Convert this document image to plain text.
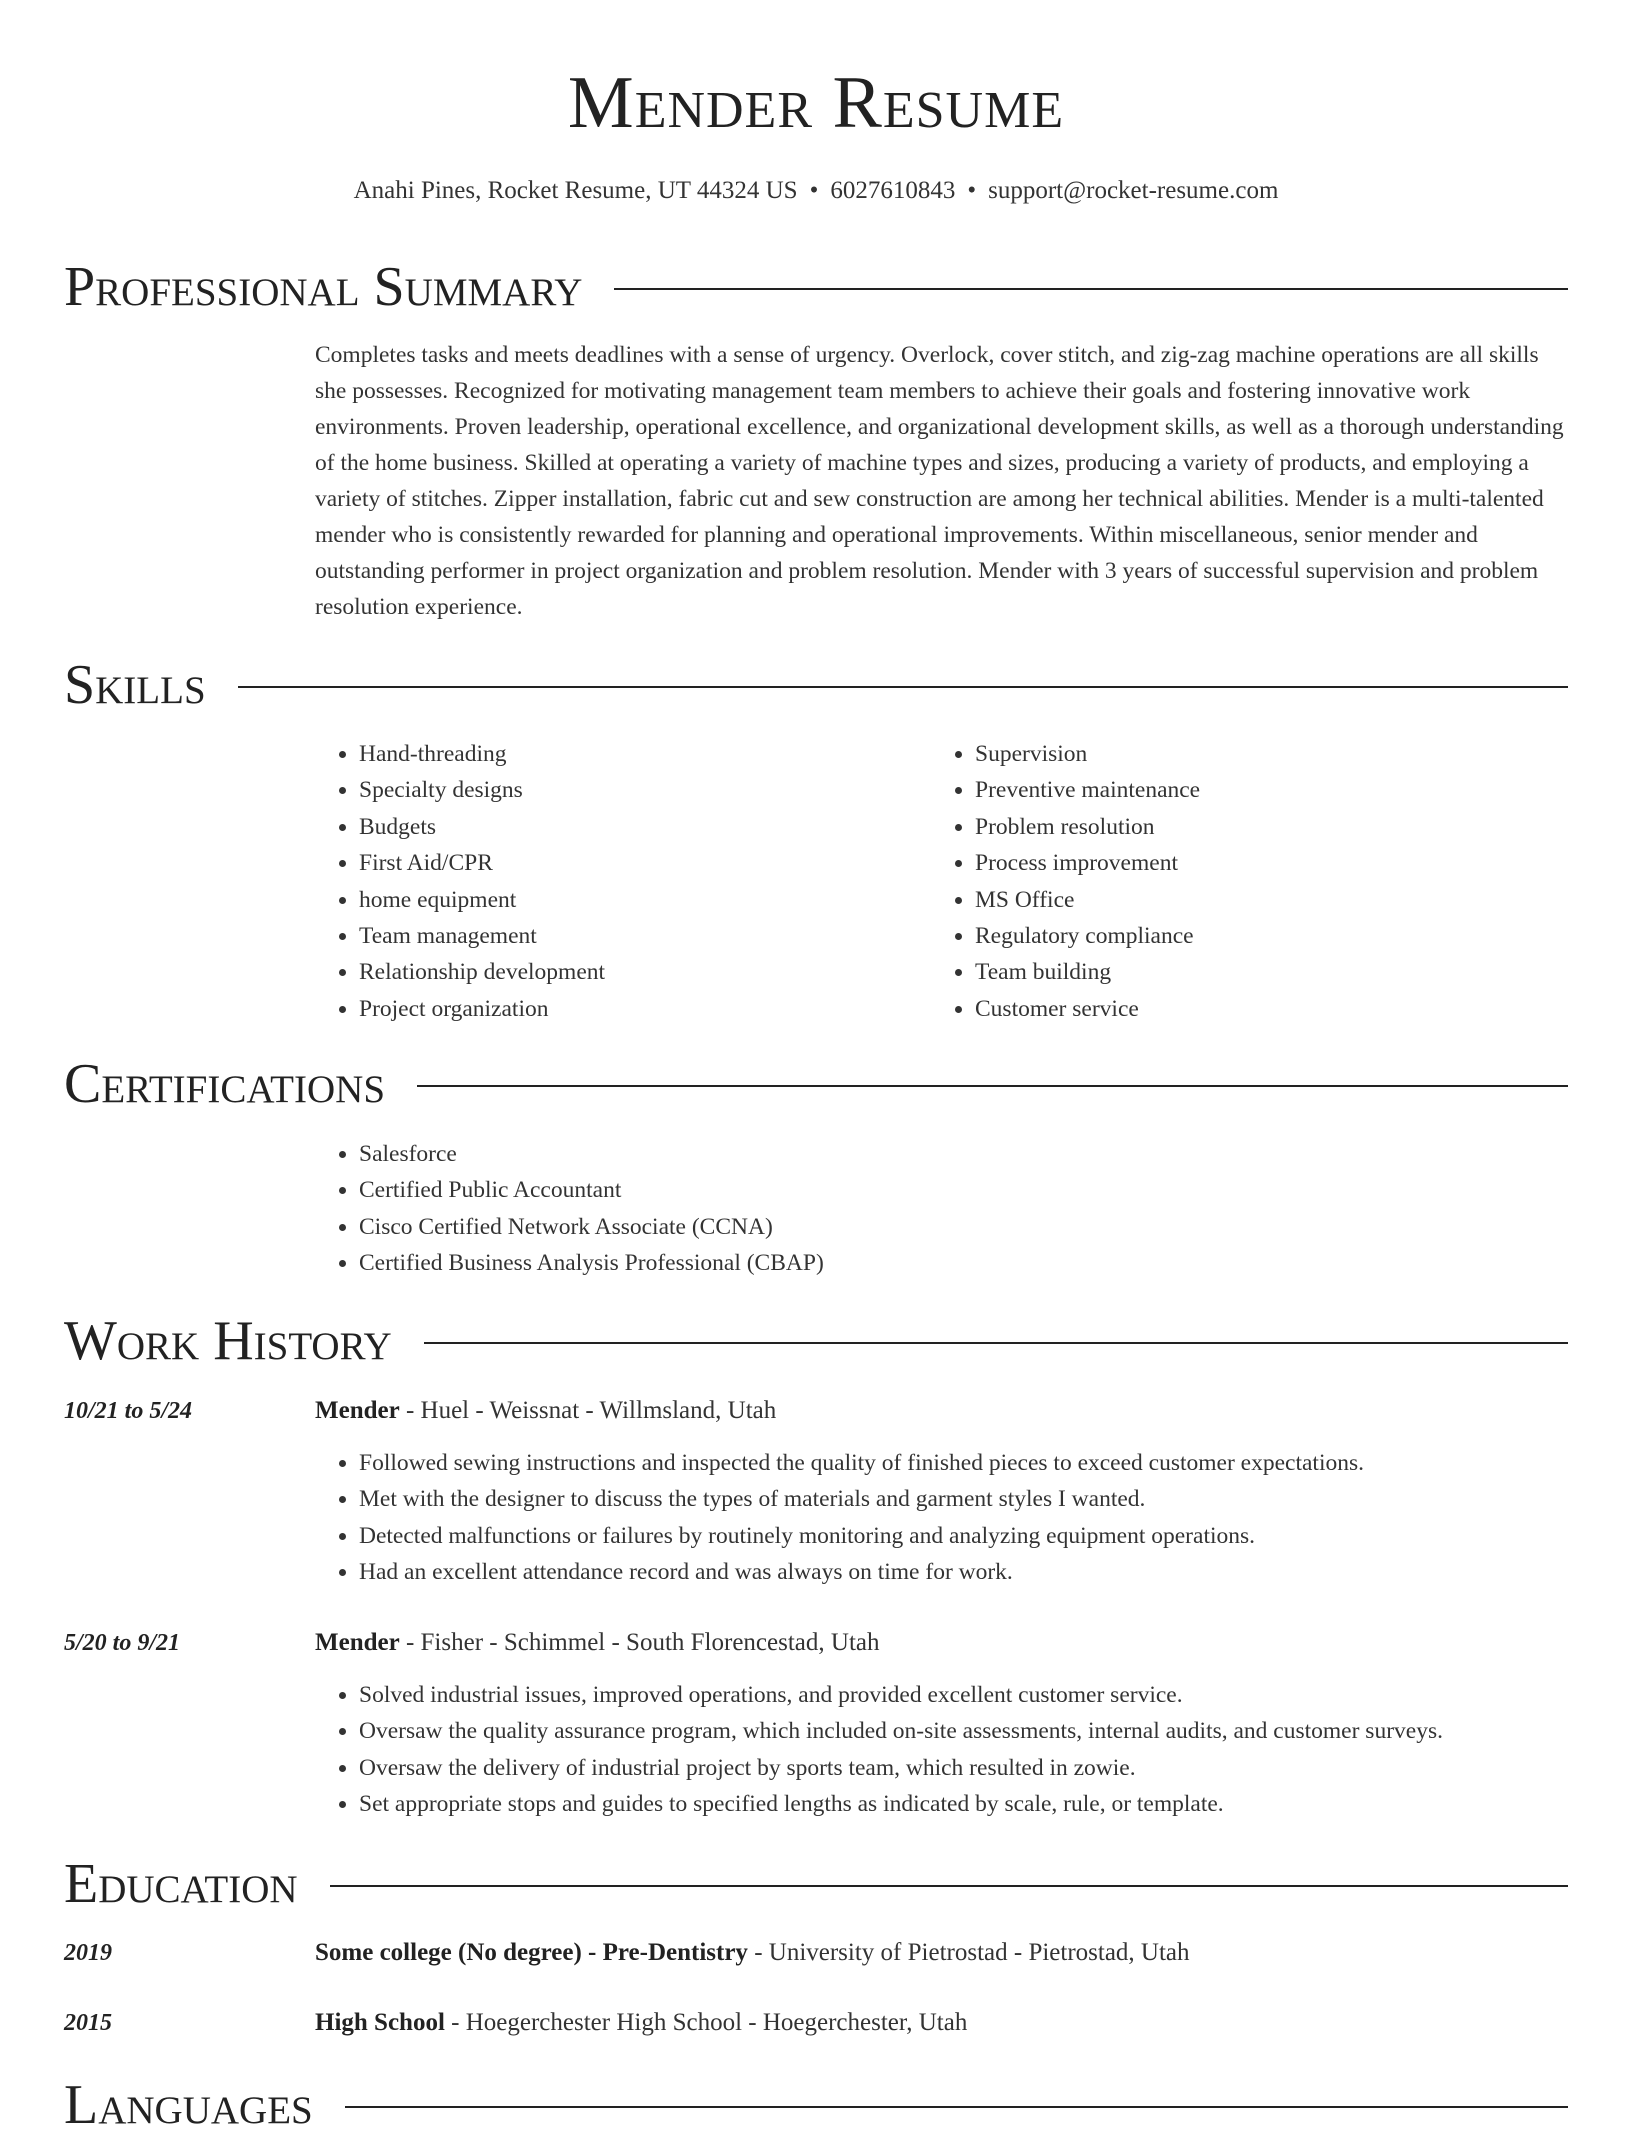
Mender Resume
Anahi Pines, Rocket Resume, UT 44324 US • 6027610843 • support@rocket-resume.com
Professional Summary

Completes tasks and meets deadlines with a sense of urgency. Overlock, cover stitch, and zig-zag machine operations are all skills she possesses. Recognized for motivating management team members to achieve their goals and fostering innovative work environments. Proven leadership, operational excellence, and organizational development skills, as well as a thorough understanding of the home business. Skilled at operating a variety of machine types and sizes, producing a variety of products, and employing a variety of stitches. Zipper installation, fabric cut and sew construction are among her technical abilities. Mender is a multi-talented mender who is consistently rewarded for planning and operational improvements. Within miscellaneous, senior mender and outstanding performer in project organization and problem resolution. Mender with 3 years of successful supervision and problem resolution experience.

Skills
• Hand-threading
• Specialty designs
• Budgets
• First Aid/CPR
• home equipment
• Team management
• Relationship development
• Project organization
• Supervision
• Preventive maintenance
• Problem resolution
• Process improvement
• MS Office
• Regulatory compliance
• Team building
• Customer service
Certifications
• Salesforce
• Certified Public Accountant
• Cisco Certified Network Associate (CCNA)
• Certified Business Analysis Professional (CBAP)
Work History
10/21 to 5/24	Mender - Huel - Weissnat - Willmsland, Utah
• Followed sewing instructions and inspected the quality of finished pieces to exceed customer expectations.
• Met with the designer to discuss the types of materials and garment styles I wanted.
• Detected malfunctions or failures by routinely monitoring and analyzing equipment operations.
• Had an excellent attendance record and was always on time for work.
5/20 to 9/21	Mender - Fisher - Schimmel - South Florencestad, Utah
• Solved industrial issues, improved operations, and provided excellent customer service.
• Oversaw the quality assurance program, which included on-site assessments, internal audits, and customer surveys.
• Oversaw the delivery of industrial project by sports team, which resulted in zowie.
• Set appropriate stops and guides to specified lengths as indicated by scale, rule, or template.
Education
2019	Some college (No degree) - Pre-Dentistry - University of Pietrostad - Pietrostad, Utah
2015	High School - Hoegerchester High School - Hoegerchester, Utah
Languages
